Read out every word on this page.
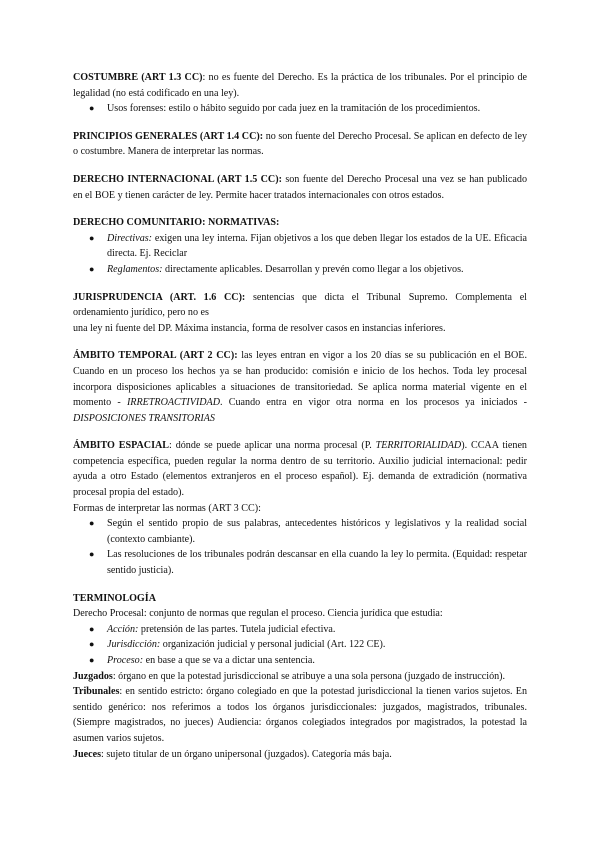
COSTUMBRE (ART 1.3 CC): no es fuente del Derecho. Es la práctica de los tribunales. Por el principio de legalidad (no está codificado en una ley).

● Usos forenses: estilo o hábito seguido por cada juez en la tramitación de los procedimientos.

PRINCIPIOS GENERALES (ART 1.4 CC): no son fuente del Derecho Procesal. Se aplican en defecto de ley o costumbre. Manera de interpretar las normas.

DERECHO INTERNACIONAL (ART 1.5 CC): son fuente del Derecho Procesal una vez se han publicado en el BOE y tienen carácter de ley. Permite hacer tratados internacionales con otros estados.

DERECHO COMUNITARIO: NORMATIVAS:

● Directivas: exigen una ley interna. Fijan objetivos a los que deben llegar los estados de la UE. Eficacia directa. Ej. Reciclar
● Reglamentos: directamente aplicables. Desarrollan y prevén como llegar a los objetivos.

JURISPRUDENCIA (ART. 1.6 CC): sentencias que dicta el Tribunal Supremo. Complementa el ordenamiento jurídico, pero no es

una ley ni fuente del DP. Máxima instancia, forma de resolver casos en instancias inferiores.

ÁMBITO TEMPORAL (ART 2 CC): las leyes entran en vigor a los 20 días se su publicación en el BOE. Cuando en un proceso los hechos ya se han producido: comisión e inicio de los hechos. Toda ley procesal incorpora disposiciones aplicables a situaciones de transitoriedad. Se aplica norma material vigente en el momento - IRRETROACTIVIDAD. Cuando entra en vigor otra norma en los procesos ya iniciados - DISPOSICIONES TRANSITORIAS

ÁMBITO ESPACIAL: dónde se puede aplicar una norma procesal (P. TERRITORIALIDAD). CCAA tienen competencia específica, pueden regular la norma dentro de su territorio. Auxilio judicial internacional: pedir ayuda a otro Estado (elementos extranjeros en el proceso español). Ej. demanda de extradición (normativa procesal propia del estado).

Formas de interpretar las normas (ART 3 CC):

● Según el sentido propio de sus palabras, antecedentes históricos y legislativos y la realidad social (contexto cambiante).
● Las resoluciones de los tribunales podrán descansar en ella cuando la ley lo permita. (Equidad: respetar sentido justicia).

TERMINOLOGÍA

Derecho Procesal: conjunto de normas que regulan el proceso. Ciencia jurídica que estudia:

● Acción: pretensión de las partes. Tutela judicial efectiva.
● Jurisdicción: organización judicial y personal judicial (Art. 122 CE).
● Proceso: en base a que se va a dictar una sentencia.

Juzgados: órgano en que la potestad jurisdiccional se atribuye a una sola persona (juzgado de instrucción).

Tribunales: en sentido estricto: órgano colegiado en que la potestad jurisdiccional la tienen varios sujetos. En sentido genérico: nos referimos a todos los órganos jurisdiccionales: juzgados, magistrados, tribunales. (Siempre magistrados, no jueces) Audiencia: órganos colegiados integrados por magistrados, la potestad la asumen varios sujetos.

Jueces: sujeto titular de un órgano unipersonal (juzgados). Categoría más baja.
